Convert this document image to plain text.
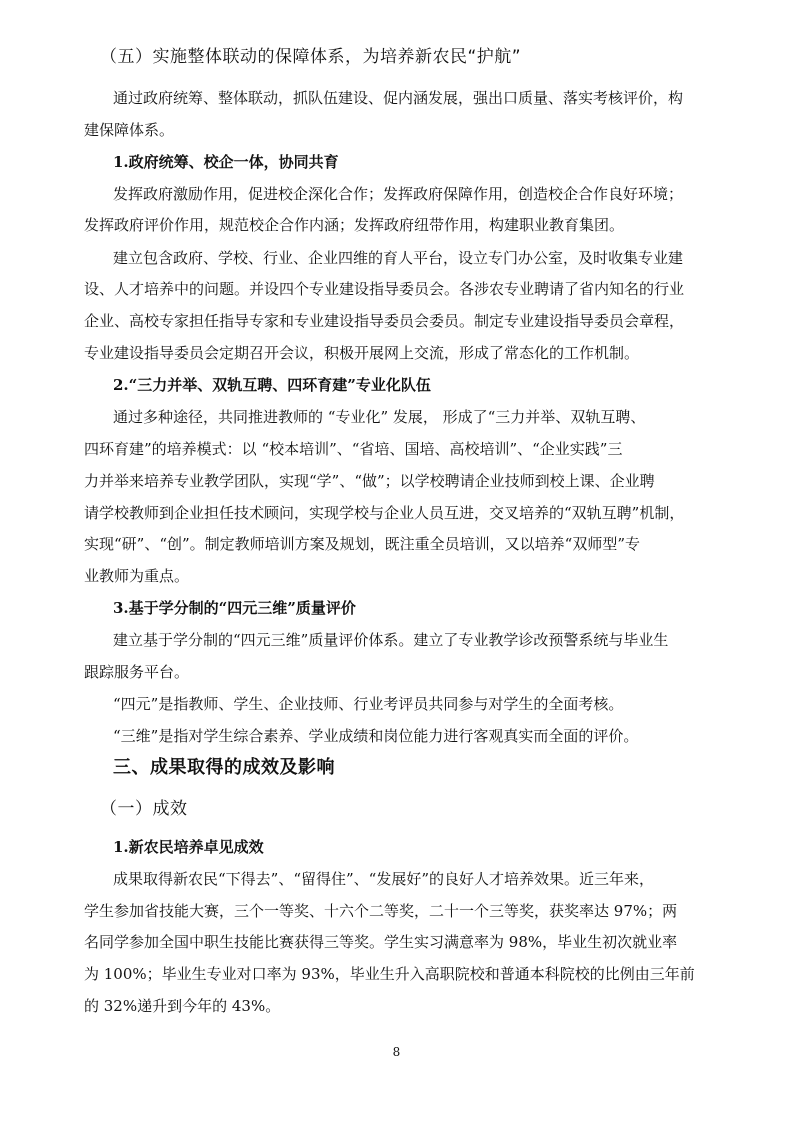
（五）实施整体联动的保障体系，为培养新农民“护航”
通过政府统筹、整体联动，抓队伍建设、促内涵发展，强出口质量、落实考核评价，构
建保障体系。
1.政府统筹、校企一体，协同共育
发挥政府激励作用，促进校企深化合作；发挥政府保障作用，创造校企合作良好环境；
发挥政府评价作用，规范校企合作内涵；发挥政府纽带作用，构建职业教育集团。
建立包含政府、学校、行业、企业四维的育人平台，设立专门办公室，及时收集专业建
设、人才培养中的问题。并设四个专业建设指导委员会。各涉农专业聘请了省内知名的行业
企业、高校专家担任指导专家和专业建设指导委员会委员。制定专业建设指导委员会章程，
专业建设指导委员会定期召开会议，积极开展网上交流，形成了常态化的工作机制。
2.“三力并举、双轨互聘、四环育建”专业化队伍
通过多种途径，共同推进教师的 “专业化” 发展， 形成了“三力并举、双轨互聘、
四环育建”的培养模式：以 “校本培训”、“省培、国培、高校培训”、“企业实践”三
力并举来培养专业教学团队，实现“学”、“做”；以学校聘请企业技师到校上课、企业聘
请学校教师到企业担任技术顾问，实现学校与企业人员互进，交叉培养的“双轨互聘”机制，
实现“研”、“创”。制定教师培训方案及规划，既注重全员培训，又以培养“双师型”专
业教师为重点。
3.基于学分制的“四元三维”质量评价
建立基于学分制的“四元三维”质量评价体系。建立了专业教学诊改预警系统与毕业生
跟踪服务平台。
“四元”是指教师、学生、企业技师、行业考评员共同参与对学生的全面考核。
“三维”是指对学生综合素养、学业成绩和岗位能力进行客观真实而全面的评价。
三、成果取得的成效及影响
（一）成效
1.新农民培养卓见成效
成果取得新农民“下得去”、“留得住”、“发展好”的良好人才培养效果。近三年来，
学生参加省技能大赛，三个一等奖、十六个二等奖，二十一个三等奖，获奖率达 97%；两
名同学参加全国中职生技能比赛获得三等奖。学生实习满意率为 98%，毕业生初次就业率
为 100%；毕业生专业对口率为 93%，毕业生升入高职院校和普通本科院校的比例由三年前
的 32%递升到今年的 43%。
8
